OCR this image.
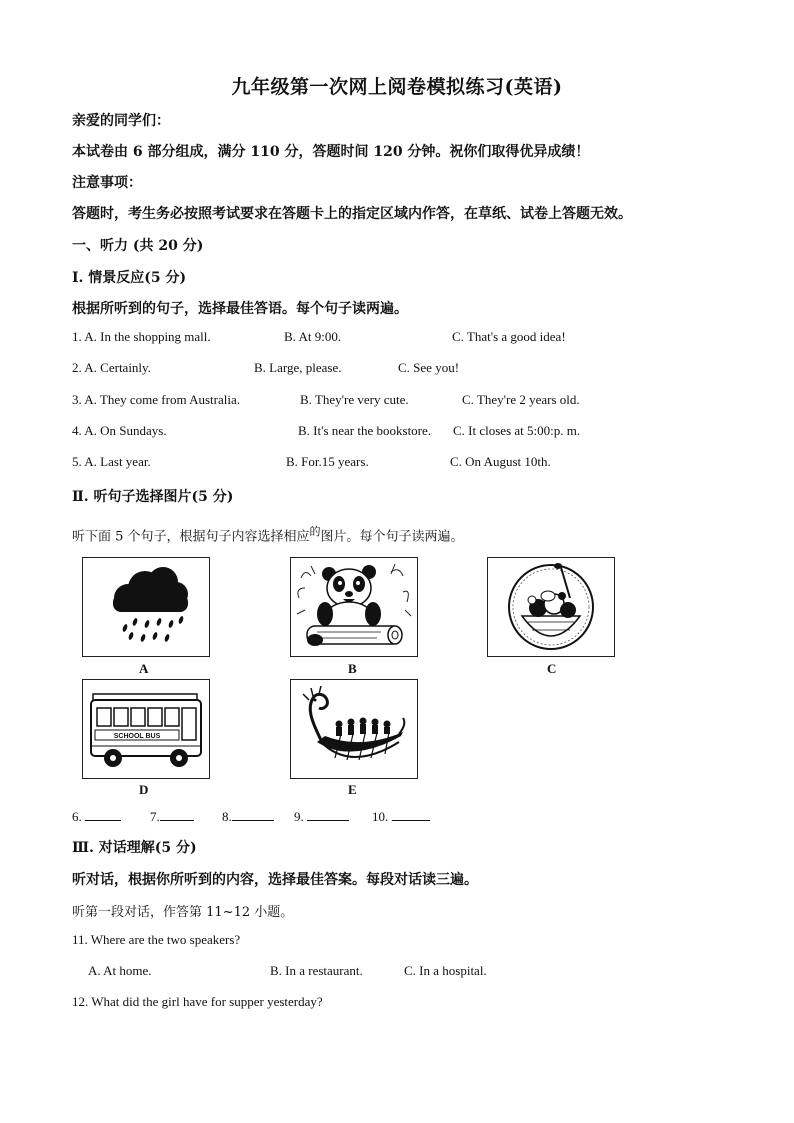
九年级第一次网上阅卷模拟练习(英语)
亲爱的同学们：
本试卷由 6 部分组成，满分 110 分，答题时间 120 分钟。祝你们取得优异成绩！
注意事项：
答题时，考生务必按照考试要求在答题卡上的指定区域内作答，在草纸、试卷上答题无效。
一、听力 (共 20 分)
Ⅰ. 情景反应(5 分)
根据所听到的句子，选择最佳答语。每个句子读两遍。
1. A. In the shopping mall.	B. At 9:00.	C. That's a good idea!
2. A. Certainly.	B. Large, please.	C. See you!
3. A. They come from Australia.	B. They're very cute.	C. They're 2 years old.
4. A. On Sundays.	B. It's near the bookstore. C. It closes at 5:00:p. m.
5. A. Last year.	B. For.15 years.	C. On August 10th.
Ⅱ. 听句子选择图片(5 分)
听下面 5 个句子，根据句子内容选择相应$^的$图片。每个句子读两遍。
A	B	C
SCHOOL BUS
D	E
6.	7.	8.	9.	10.
Ⅲ. 对话理解(5 分)
听对话，根据你所听到的内容，选择最佳答案。每段对话读三遍。
听第一段对话，作答第 11~12 小题。
11. Where are the two speakers?
A. At home.	B. In a restaurant.	C. In a hospital.
12. What did the girl have for supper yesterday?
